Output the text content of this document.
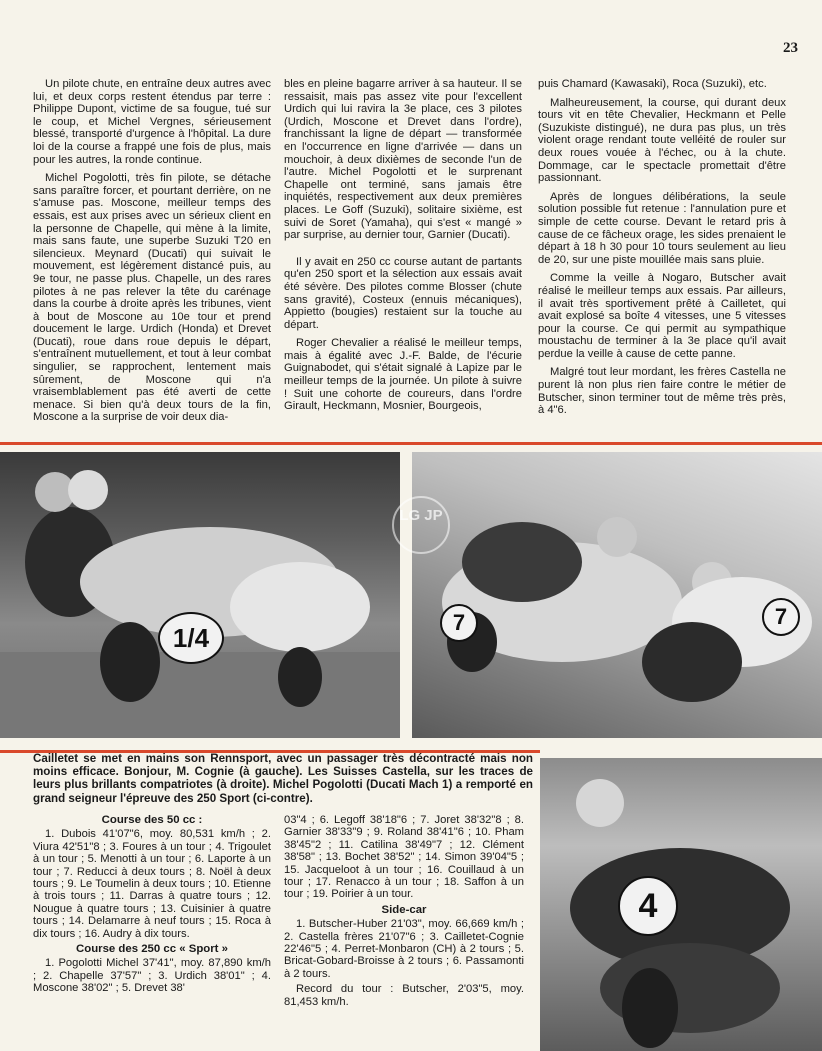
23

Un pilote chute, en entraîne deux autres avec lui, et deux corps restent étendus par terre : Philippe Dupont, victime de sa fougue, tué sur le coup, et Michel Vergnes, sérieusement blessé, transporté d'urgence à l'hôpital. La dure loi de la course a frappé une fois de plus, mais pour les autres, la ronde continue.

Michel Pogolotti, très fin pilote, se détache sans paraître forcer, et pourtant derrière, on ne s'amuse pas. Moscone, meilleur temps des essais, est aux prises avec un sérieux client en la personne de Chapelle, qui mène à la limite, mais sans faute, une superbe Suzuki T20 en silencieux. Meynard (Ducati) qui suivait le mouvement, est légèrement distancé puis, au 9e tour, ne passe plus. Chapelle, un des rares pilotes à ne pas relever la tête du carénage dans la courbe à droite après les tribunes, vient à bout de Moscone au 10e tour et prend doucement le large. Urdich (Honda) et Drevet (Ducati), roue dans roue depuis le départ, s'entraînent mutuellement, et tout à leur combat singulier, se rapprochent, lentement mais sûrement, de Moscone qui n'a vraisemblablement pas été averti de cette menace. Si bien qu'à deux tours de la fin, Moscone a la surprise de voir deux dia-

bles en pleine bagarre arriver à sa hauteur. Il se ressaisit, mais pas assez vite pour l'excellent Urdich qui lui ravira la 3e place, ces 3 pilotes (Urdich, Moscone et Drevet dans l'ordre), franchissant la ligne de départ — transformée en l'occurrence en ligne d'arrivée — dans un mouchoir, à deux dixièmes de seconde l'un de l'autre. Michel Pogolotti et le surprenant Chapelle ont terminé, sans jamais être inquiétés, respectivement aux deux premières places. Le Goff (Suzuki), solitaire sixième, est suivi de Soret (Yamaha), qui s'est « mangé » par surprise, au dernier tour, Garnier (Ducati).

Il y avait en 250 cc course autant de partants qu'en 250 sport et la sélection aux essais avait été sévère. Des pilotes comme Blosser (chute sans gravité), Costeux (ennuis mécaniques), Appietto (bougies) restaient sur la touche au départ.

Roger Chevalier a réalisé le meilleur temps, mais à égalité avec J.-F. Balde, de l'écurie Guignabodet, qui s'était signalé à Lapize par le meilleur temps de la journée. Un pilote à suivre ! Suit une cohorte de coureurs, dans l'ordre Girault, Heckmann, Mosnier, Bourgeois,

puis Chamard (Kawasaki), Roca (Suzuki), etc.

Malheureusement, la course, qui durant deux tours vit en tête Chevalier, Heckmann et Pelle (Suzukiste distingué), ne dura pas plus, un très violent orage rendant toute velléité de rouler sur deux roues vouée à l'échec, ou à la chute. Dommage, car le spectacle promettait d'être passionnant.

Après de longues délibérations, la seule solution possible fut retenue : l'annulation pure et simple de cette course. Devant le retard pris à cause de ce fâcheux orage, les sides prenaient le départ à 18 h 30 pour 10 tours seulement au lieu de 20, sur une piste mouillée mais sans pluie.

Comme la veille à Nogaro, Butscher avait réalisé le meilleur temps aux essais. Par ailleurs, il avait très sportivement prêté à Cailletet, qui avait explosé sa boîte 4 vitesses, une 5 vitesses pour la course. Ce qui permit au sympathique moustachu de terminer à la 3e place qu'il avait perdue la veille à cause de cette panne.

Malgré tout leur mordant, les frères Castella ne purent là non plus rien faire contre le métier de Butscher, sinon terminer tout de même très près, à 4"6.

1/4
7	7
LG JP
Cailletet se met en mains son Rennsport, avec un passager très décontracté mais non moins efficace. Bonjour, M. Cognie (à gauche). Les Suisses Castella, sur les traces de leurs plus brillants compatriotes (à droite). Michel Pogolotti (Ducati Mach 1) a remporté en grand seigneur l'épreuve des 250 Sport (ci-contre).
Course des 50 cc :

1. Dubois 41'07"6, moy. 80,531 km/h ; 2. Viura 42'51"8 ; 3. Foures à un tour ; 4. Trigoulet à un tour ; 5. Menotti à un tour ; 6. Laporte à un tour ; 7. Reducci à deux tours ; 8. Noël à deux tours ; 9. Le Toumelin à deux tours ; 10. Etienne à trois tours ; 11. Darras à quatre tours ; 12. Nougue à quatre tours ; 13. Cuisinier à quatre tours ; 14. Delamarre à neuf tours ; 15. Roca à dix tours ; 16. Audry à dix tours.

Course des 250 cc « Sport »

1. Pogolotti Michel 37'41", moy. 87,890 km/h ; 2. Chapelle 37'57" ; 3. Urdich 38'01" ; 4. Moscone 38'02" ; 5. Drevet 38'

03"4 ; 6. Legoff 38'18"6 ; 7. Joret 38'32"8 ; 8. Garnier 38'33"9 ; 9. Roland 38'41"6 ; 10. Pham 38'45"2 ; 11. Catilina 38'49"7 ; 12. Clément 38'58" ; 13. Bochet 38'52" ; 14. Simon 39'04"5 ; 15. Jacqueloot à un tour ; 16. Couillaud à un tour ; 17. Renacco à un tour ; 18. Saffon à un tour ; 19. Poirier à un tour.

Side-car

1. Butscher-Huber 21'03", moy. 66,669 km/h ; 2. Castella frères 21'07"6 ; 3. Cailletet-Cognie 22'46"5 ; 4. Perret-Monbaron (CH) à 2 tours ; 5. Bricat-Gobard-Broisse à 2 tours ; 6. Passamonti à 2 tours.

Record du tour : Butscher, 2'03"5, moy. 81,453 km/h.

4
